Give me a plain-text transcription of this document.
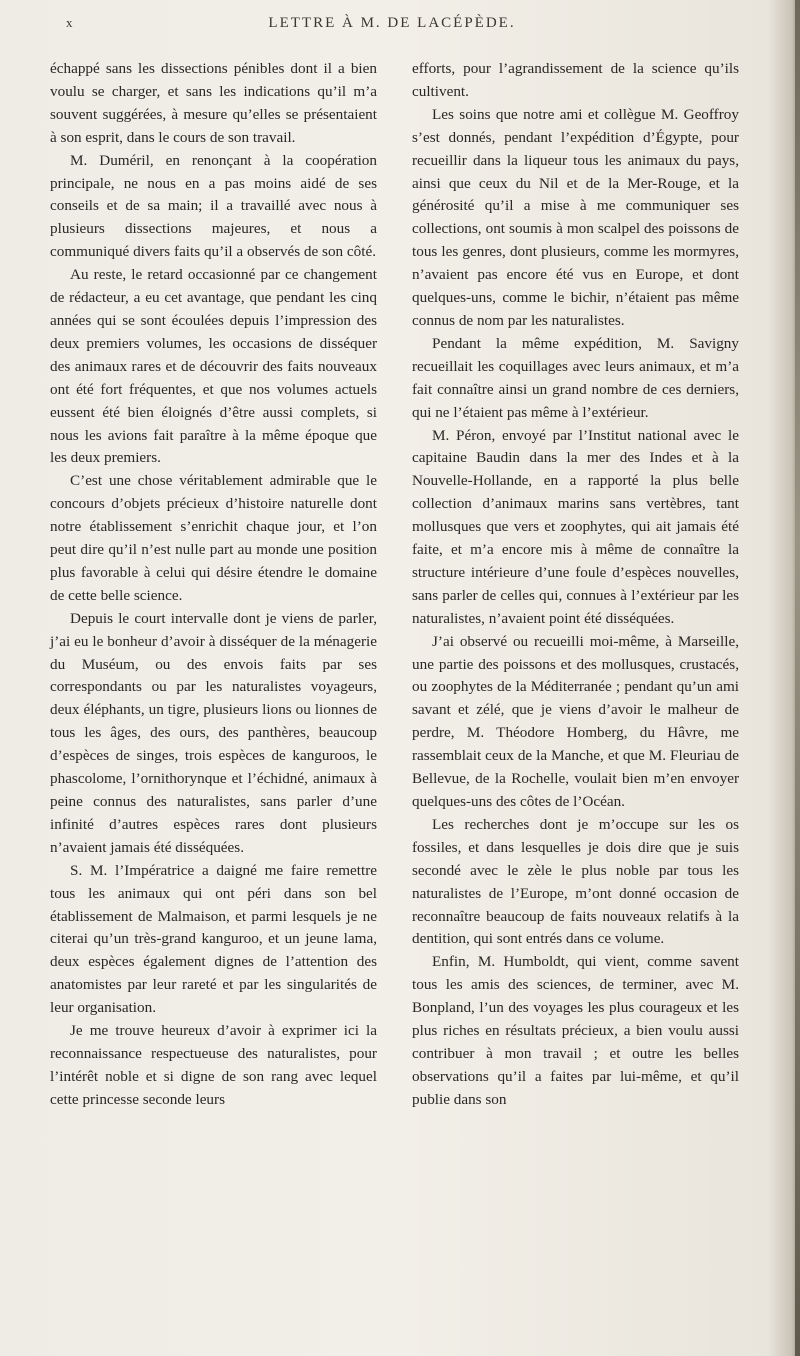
x	LETTRE À M. DE LACÉPÈDE.

échappé sans les dissections pénibles dont il a bien voulu se charger, et sans les indications qu’il m’a souvent suggérées, à mesure qu’elles se présentaient à son esprit, dans le cours de son travail.

M. Duméril, en renonçant à la coopération principale, ne nous en a pas moins aidé de ses conseils et de sa main; il a travaillé avec nous à plusieurs dissections majeures, et nous a communiqué divers faits qu’il a observés de son côté.

Au reste, le retard occasionné par ce changement de rédacteur, a eu cet avantage, que pendant les cinq années qui se sont écoulées depuis l’impression des deux premiers volumes, les occasions de disséquer des animaux rares et de découvrir des faits nouveaux ont été fort fréquentes, et que nos volumes actuels eussent été bien éloignés d’être aussi complets, si nous les avions fait paraître à la même époque que les deux premiers.

C’est une chose véritablement admirable que le concours d’objets précieux d’histoire naturelle dont notre établissement s’enrichit chaque jour, et l’on peut dire qu’il n’est nulle part au monde une position plus favorable à celui qui désire étendre le domaine de cette belle science.

Depuis le court intervalle dont je viens de parler, j’ai eu le bonheur d’avoir à disséquer de la ménagerie du Muséum, ou des envois faits par ses correspondants ou par les naturalistes voyageurs, deux éléphants, un tigre, plusieurs lions ou lionnes de tous les âges, des ours, des panthères, beaucoup d’espèces de singes, trois espèces de kanguroos, le phascolome, l’ornithorynque et l’échidné, animaux à peine connus des naturalistes, sans parler d’une infinité d’autres espèces rares dont plusieurs n’avaient jamais été disséquées.

S. M. l’Impératrice a daigné me faire remettre tous les animaux qui ont péri dans son bel établissement de Malmaison, et parmi lesquels je ne citerai qu’un très-grand kanguroo, et un jeune lama, deux espèces également dignes de l’attention des anatomistes par leur rareté et par les singularités de leur organisation.

Je me trouve heureux d’avoir à exprimer ici la reconnaissance respectueuse des naturalistes, pour l’intérêt noble et si digne de son rang avec lequel cette princesse seconde leurs

efforts, pour l’agrandissement de la science qu’ils cultivent.

Les soins que notre ami et collègue M. Geoffroy s’est donnés, pendant l’expédition d’Égypte, pour recueillir dans la liqueur tous les animaux du pays, ainsi que ceux du Nil et de la Mer-Rouge, et la générosité qu’il a mise à me communiquer ses collections, ont soumis à mon scalpel des poissons de tous les genres, dont plusieurs, comme les mormyres, n’avaient pas encore été vus en Europe, et dont quelques-uns, comme le bichir, n’étaient pas même connus de nom par les naturalistes.

Pendant la même expédition, M. Savigny recueillait les coquillages avec leurs animaux, et m’a fait connaître ainsi un grand nombre de ces derniers, qui ne l’étaient pas même à l’extérieur.

M. Péron, envoyé par l’Institut national avec le capitaine Baudin dans la mer des Indes et à la Nouvelle-Hollande, en a rapporté la plus belle collection d’animaux marins sans vertèbres, tant mollusques que vers et zoophytes, qui ait jamais été faite, et m’a encore mis à même de connaître la structure intérieure d’une foule d’espèces nouvelles, sans parler de celles qui, connues à l’extérieur par les naturalistes, n’avaient point été disséquées.

J’ai observé ou recueilli moi-même, à Marseille, une partie des poissons et des mollusques, crustacés, ou zoophytes de la Méditerranée ; pendant qu’un ami savant et zélé, que je viens d’avoir le malheur de perdre, M. Théodore Homberg, du Hâvre, me rassemblait ceux de la Manche, et que M. Fleuriau de Bellevue, de la Rochelle, voulait bien m’en envoyer quelques-uns des côtes de l’Océan.

Les recherches dont je m’occupe sur les os fossiles, et dans lesquelles je dois dire que je suis secondé avec le zèle le plus noble par tous les naturalistes de l’Europe, m’ont donné occasion de reconnaître beaucoup de faits nouveaux relatifs à la dentition, qui sont entrés dans ce volume.

Enfin, M. Humboldt, qui vient, comme savent tous les amis des sciences, de terminer, avec M. Bonpland, l’un des voyages les plus courageux et les plus riches en résultats précieux, a bien voulu aussi contribuer à mon travail ; et outre les belles observations qu’il a faites par lui-même, et qu’il publie dans son
